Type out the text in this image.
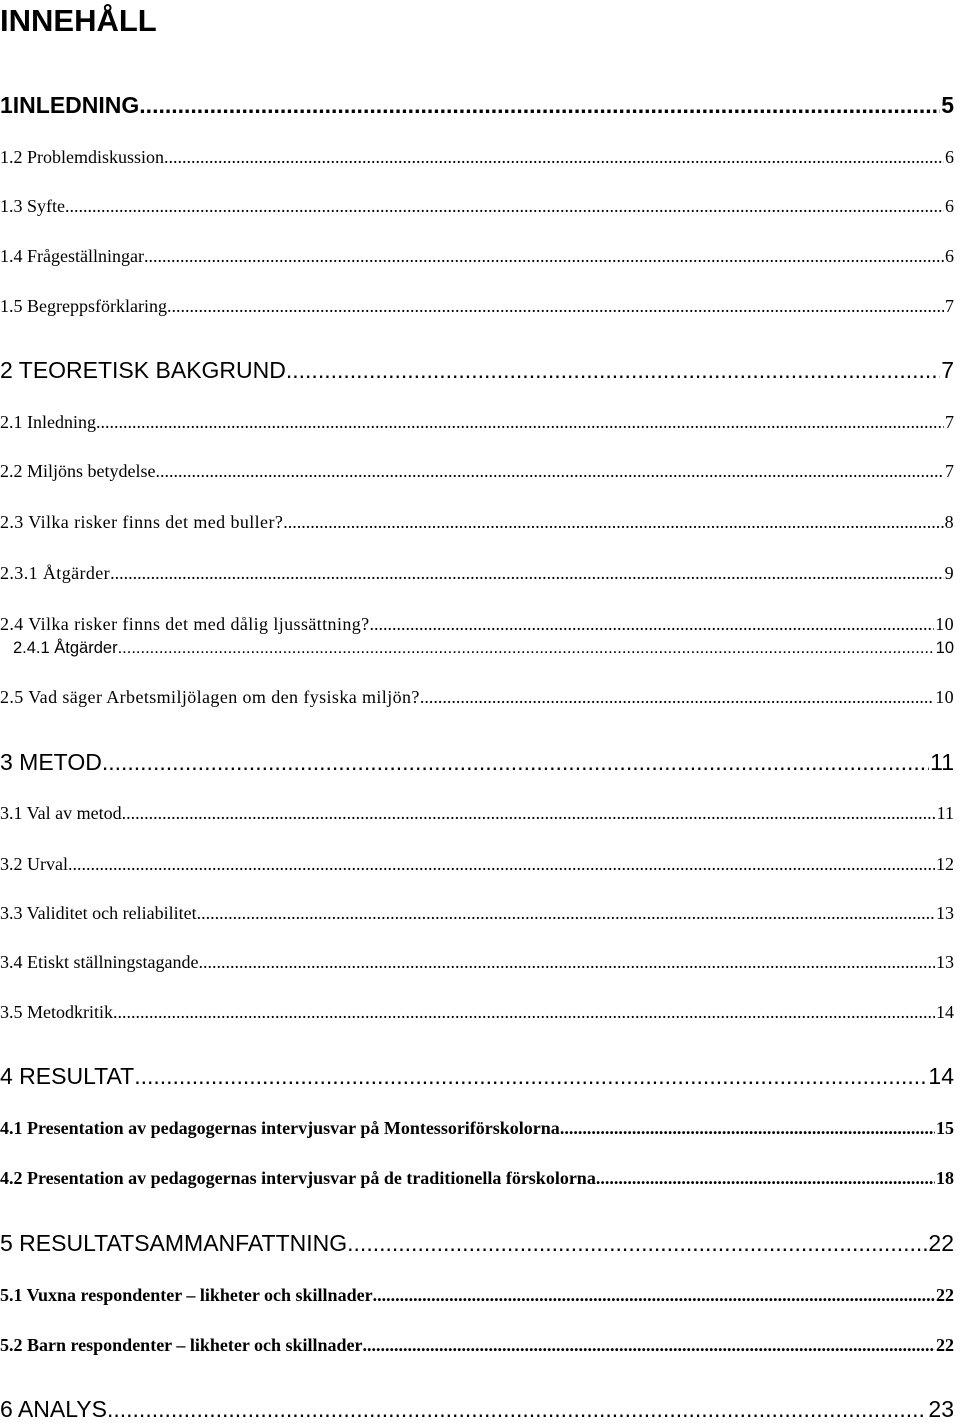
INNEHÅLL
1INLEDNING .....	5
1.2 Problemdiskussion .....	6
1.3 Syfte .....	6
1.4 Frågeställningar .....	6
1.5 Begreppsförklaring .....	7
2 TEORETISK BAKGRUND .....	7
2.1 Inledning .....	7
2.2 Miljöns betydelse .....	7
2.3 Vilka risker finns det med buller? .....	8
2.3.1 Åtgärder .....	9
2.4 Vilka risker finns det med dålig ljussättning? .....	10
2.4.1 Åtgärder .....	10
2.5 Vad säger Arbetsmiljölagen om den fysiska miljön? .....	10
3 METOD .....	11
3.1 Val av metod .....	11
3.2 Urval .....	12
3.3 Validitet och reliabilitet .....	13
3.4 Etiskt ställningstagande .....	13
3.5 Metodkritik .....	14
4 RESULTAT .....	14
4.1 Presentation av pedagogernas intervjusvar på Montessoriförskolorna .....	15
4.2 Presentation av pedagogernas intervjusvar på de traditionella förskolorna .....	18
5 RESULTATSAMMANFATTNING .....	22
5.1 Vuxna respondenter – likheter och skillnader .....	22
5.2 Barn respondenter – likheter och skillnader .....	22
6 ANALYS .....	23
